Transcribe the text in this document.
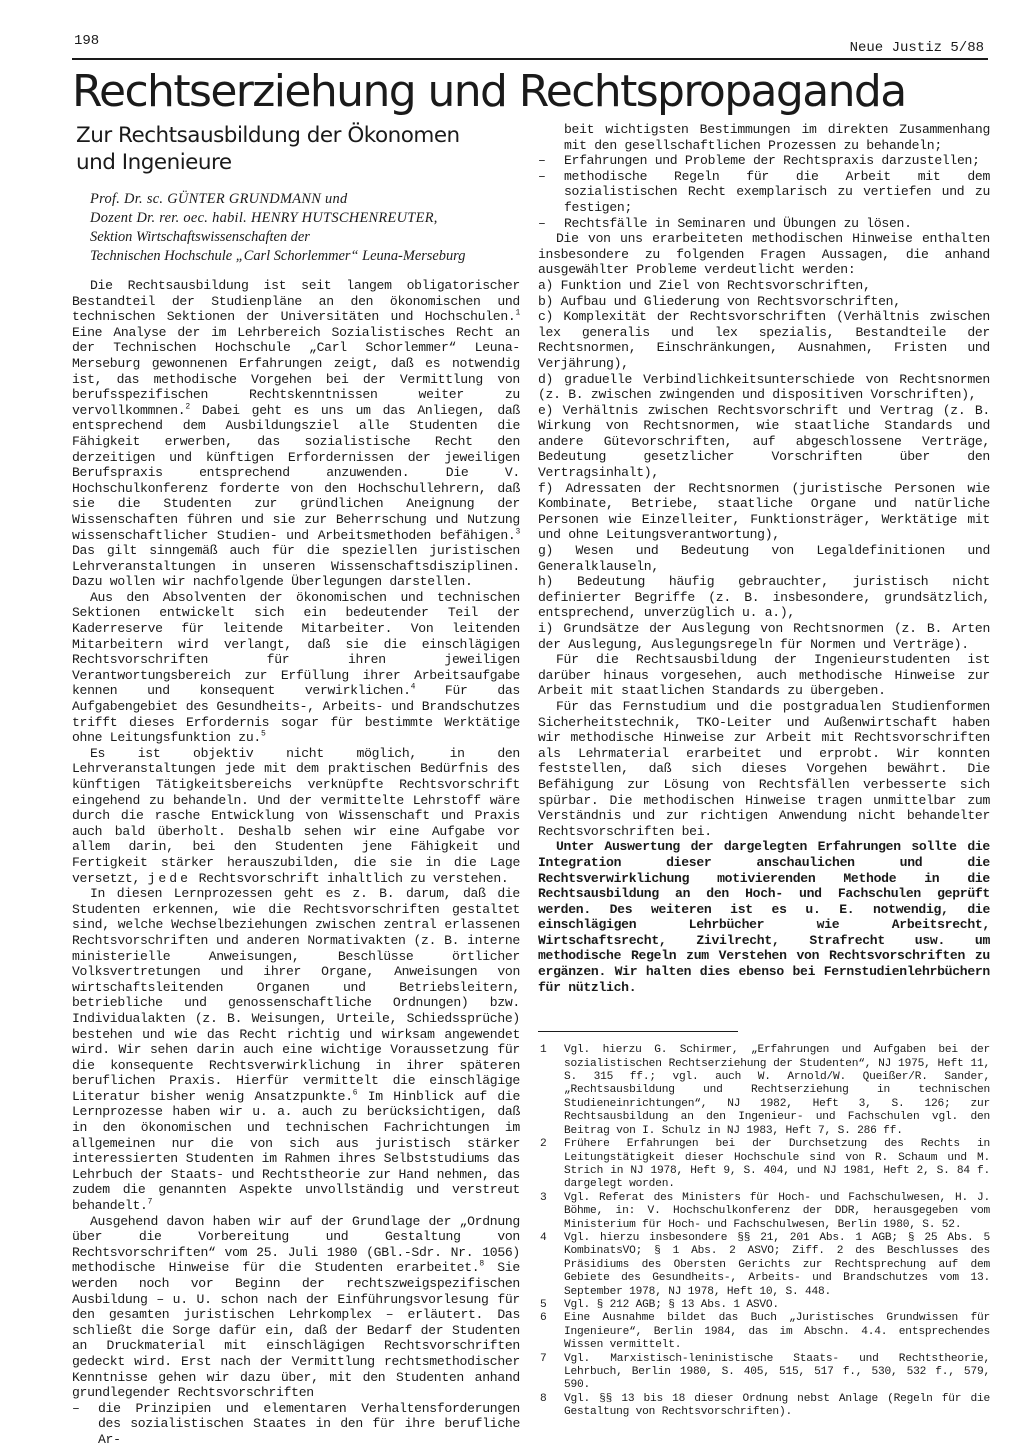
198	Neue Justiz 5/88
Rechtserziehung und Rechtspropaganda
Zur Rechtsausbildung der Ökonomen
und Ingenieure
Prof. Dr. sc. GÜNTER GRUNDMANN und
Dozent Dr. rer. oec. habil. HENRY HUTSCHENREUTER,
Sektion Wirtschaftswissenschaften der
Technischen Hochschule „Carl Schorlemmer“ Leuna-Merseburg

Die Rechtsausbildung ist seit langem obligatorischer Bestandteil der Studienpläne an den ökonomischen und technischen Sektionen der Universitäten und Hochschulen.$^1$ Eine Analyse der im Lehrbereich Sozialistisches Recht an der Technischen Hochschule „Carl Schorlemmer“ Leuna-Merseburg gewonnenen Erfahrungen zeigt, daß es notwendig ist, das methodische Vorgehen bei der Vermittlung von berufsspezifischen Rechtskenntnissen weiter zu vervollkommnen.$^2$ Dabei geht es uns um das Anliegen, daß entsprechend dem Ausbildungsziel alle Studenten die Fähigkeit erwerben, das sozialistische Recht den derzeitigen und künftigen Erfordernissen der jeweiligen Berufspraxis entsprechend anzuwenden. Die V. Hochschulkonferenz forderte von den Hochschullehrern, daß sie die Studenten zur gründlichen Aneignung der Wissenschaften führen und sie zur Beherrschung und Nutzung wissenschaftlicher Studien- und Arbeitsmethoden befähigen.$^3$ Das gilt sinngemäß auch für die speziellen juristischen Lehrveranstaltungen in unseren Wissenschaftsdisziplinen. Dazu wollen wir nachfolgende Überlegungen darstellen.

Aus den Absolventen der ökonomischen und technischen Sektionen entwickelt sich ein bedeutender Teil der Kaderreserve für leitende Mitarbeiter. Von leitenden Mitarbeitern wird verlangt, daß sie die einschlägigen Rechtsvorschriften für ihren jeweiligen Verantwortungsbereich zur Erfüllung ihrer Arbeitsaufgabe kennen und konsequent verwirklichen.$^4$ Für das Aufgabengebiet des Gesundheits-, Arbeits- und Brandschutzes trifft dieses Erfordernis sogar für bestimmte Werktätige ohne Leitungsfunktion zu.$^5$

Es ist objektiv nicht möglich, in den Lehrveranstaltungen jede mit dem praktischen Bedürfnis des künftigen Tätigkeitsbereichs verknüpfte Rechtsvorschrift eingehend zu behandeln. Und der vermittelte Lehrstoff wäre durch die rasche Entwicklung von Wissenschaft und Praxis auch bald überholt. Deshalb sehen wir eine Aufgabe vor allem darin, bei den Studenten jene Fähigkeit und Fertigkeit stärker herauszubilden, die sie in die Lage versetzt, jede Rechtsvorschrift inhaltlich zu verstehen.

In diesen Lernprozessen geht es z. B. darum, daß die Studenten erkennen, wie die Rechtsvorschriften gestaltet sind, welche Wechselbeziehungen zwischen zentral erlassenen Rechtsvorschriften und anderen Normativakten (z. B. interne ministerielle Anweisungen, Beschlüsse örtlicher Volksvertretungen und ihrer Organe, Anweisungen von wirtschaftsleitenden Organen und Betriebsleitern, betriebliche und genossenschaftliche Ordnungen) bzw. Individualakten (z. B. Weisungen, Urteile, Schiedssprüche) bestehen und wie das Recht richtig und wirksam angewendet wird. Wir sehen darin auch eine wichtige Voraussetzung für die konsequente Rechtsverwirklichung in ihrer späteren beruflichen Praxis. Hierfür vermittelt die einschlägige Literatur bisher wenig Ansatzpunkte.$^6$ Im Hinblick auf die Lernprozesse haben wir u. a. auch zu berücksichtigen, daß in den ökonomischen und technischen Fachrichtungen im allgemeinen nur die von sich aus juristisch stärker interessierten Studenten im Rahmen ihres Selbststudiums das Lehrbuch der Staats- und Rechtstheorie zur Hand nehmen, das zudem die genannten Aspekte unvollständig und verstreut behandelt.$^7$

Ausgehend davon haben wir auf der Grundlage der „Ordnung über die Vorbereitung und Gestaltung von Rechtsvorschriften“ vom 25. Juli 1980 (GBl.-Sdr. Nr. 1056) methodische Hinweise für die Studenten erarbeitet.$^8$ Sie werden noch vor Beginn der rechtszweigspezifischen Ausbildung – u. U. schon nach der Einführungsvorlesung für den gesamten juristischen Lehrkomplex – erläutert. Das schließt die Sorge dafür ein, daß der Bedarf der Studenten an Druckmaterial mit einschlägigen Rechtsvorschriften gedeckt wird. Erst nach der Vermittlung rechtsmethodischer Kenntnisse gehen wir dazu über, mit den Studenten anhand grundlegender Rechtsvorschriften

– die Prinzipien und elementaren Verhaltensforderungen des sozialistischen Staates in den für ihre berufliche Ar-

beit wichtigsten Bestimmungen im direkten Zusammenhang mit den gesellschaftlichen Prozessen zu behandeln;

– Erfahrungen und Probleme der Rechtspraxis darzustellen;
– methodische Regeln für die Arbeit mit dem sozialistischen Recht exemplarisch zu vertiefen und zu festigen;
– Rechtsfälle in Seminaren und Übungen zu lösen.

Die von uns erarbeiteten methodischen Hinweise enthalten insbesondere zu folgenden Fragen Aussagen, die anhand ausgewählter Probleme verdeutlicht werden:

a) Funktion und Ziel von Rechtsvorschriften,
b) Aufbau und Gliederung von Rechtsvorschriften,
c) Komplexität der Rechtsvorschriften (Verhältnis zwischen lex generalis und lex spezialis, Bestandteile der Rechtsnormen, Einschränkungen, Ausnahmen, Fristen und Verjährung),
d) graduelle Verbindlichkeitsunterschiede von Rechtsnormen (z. B. zwischen zwingenden und dispositiven Vorschriften),
e) Verhältnis zwischen Rechtsvorschrift und Vertrag (z. B. Wirkung von Rechtsnormen, wie staatliche Standards und andere Gütevorschriften, auf abgeschlossene Verträge, Bedeutung gesetzlicher Vorschriften über den Vertragsinhalt),
f) Adressaten der Rechtsnormen (juristische Personen wie Kombinate, Betriebe, staatliche Organe und natürliche Personen wie Einzelleiter, Funktionsträger, Werktätige mit und ohne Leitungsverantwortung),
g) Wesen und Bedeutung von Legaldefinitionen und Generalklauseln,
h) Bedeutung häufig gebrauchter, juristisch nicht definierter Begriffe (z. B. insbesondere, grundsätzlich, entsprechend, unverzüglich u. a.),
i) Grundsätze der Auslegung von Rechtsnormen (z. B. Arten der Auslegung, Auslegungsregeln für Normen und Verträge).

Für die Rechtsausbildung der Ingenieurstudenten ist darüber hinaus vorgesehen, auch methodische Hinweise zur Arbeit mit staatlichen Standards zu übergeben.

Für das Fernstudium und die postgradualen Studienformen Sicherheitstechnik, TKO-Leiter und Außenwirtschaft haben wir methodische Hinweise zur Arbeit mit Rechtsvorschriften als Lehrmaterial erarbeitet und erprobt. Wir konnten feststellen, daß sich dieses Vorgehen bewährt. Die Befähigung zur Lösung von Rechtsfällen verbesserte sich spürbar. Die methodischen Hinweise tragen unmittelbar zum Verständnis und zur richtigen Anwendung nicht behandelter Rechtsvorschriften bei.

Unter Auswertung der dargelegten Erfahrungen sollte die Integration dieser anschaulichen und die Rechtsverwirklichung motivierenden Methode in die Rechtsausbildung an den Hoch- und Fachschulen geprüft werden. Des weiteren ist es u. E. notwendig, die einschlägigen Lehrbücher wie Arbeitsrecht, Wirtschaftsrecht, Zivilrecht, Strafrecht usw. um methodische Regeln zum Verstehen von Rechtsvorschriften zu ergänzen. Wir halten dies ebenso bei Fernstudienlehrbüchern für nützlich.

1 Vgl. hierzu G. Schirmer, „Erfahrungen und Aufgaben bei der sozialistischen Rechtserziehung der Studenten“, NJ 1975, Heft 11, S. 315 ff.; vgl. auch W. Arnold/W. Queißer/R. Sander, „Rechtsausbildung und Rechtserziehung in technischen Studieneinrichtungen“, NJ 1982, Heft 3, S. 126; zur Rechtsausbildung an den Ingenieur- und Fachschulen vgl. den Beitrag von I. Schulz in NJ 1983, Heft 7, S. 286 ff.
2 Frühere Erfahrungen bei der Durchsetzung des Rechts in Leitungstätigkeit dieser Hochschule sind von R. Schaum und M. Strich in NJ 1978, Heft 9, S. 404, und NJ 1981, Heft 2, S. 84 f. dargelegt worden.
3 Vgl. Referat des Ministers für Hoch- und Fachschulwesen, H. J. Böhme, in: V. Hochschulkonferenz der DDR, herausgegeben vom Ministerium für Hoch- und Fachschulwesen, Berlin 1980, S. 52.
4 Vgl. hierzu insbesondere §§ 21, 201 Abs. 1 AGB; § 25 Abs. 5 KombinatsVO; § 1 Abs. 2 ASVO; Ziff. 2 des Beschlusses des Präsidiums des Obersten Gerichts zur Rechtsprechung auf dem Gebiete des Gesundheits-, Arbeits- und Brandschutzes vom 13. September 1978, NJ 1978, Heft 10, S. 448.
5 Vgl. § 212 AGB; § 13 Abs. 1 ASVO.
6 Eine Ausnahme bildet das Buch „Juristisches Grundwissen für Ingenieure“, Berlin 1984, das im Abschn. 4.4. entsprechendes Wissen vermittelt.
7 Vgl. Marxistisch-leninistische Staats- und Rechtstheorie, Lehrbuch, Berlin 1980, S. 405, 515, 517 f., 530, 532 f., 579, 590.
8 Vgl. §§ 13 bis 18 dieser Ordnung nebst Anlage (Regeln für die Gestaltung von Rechtsvorschriften).
